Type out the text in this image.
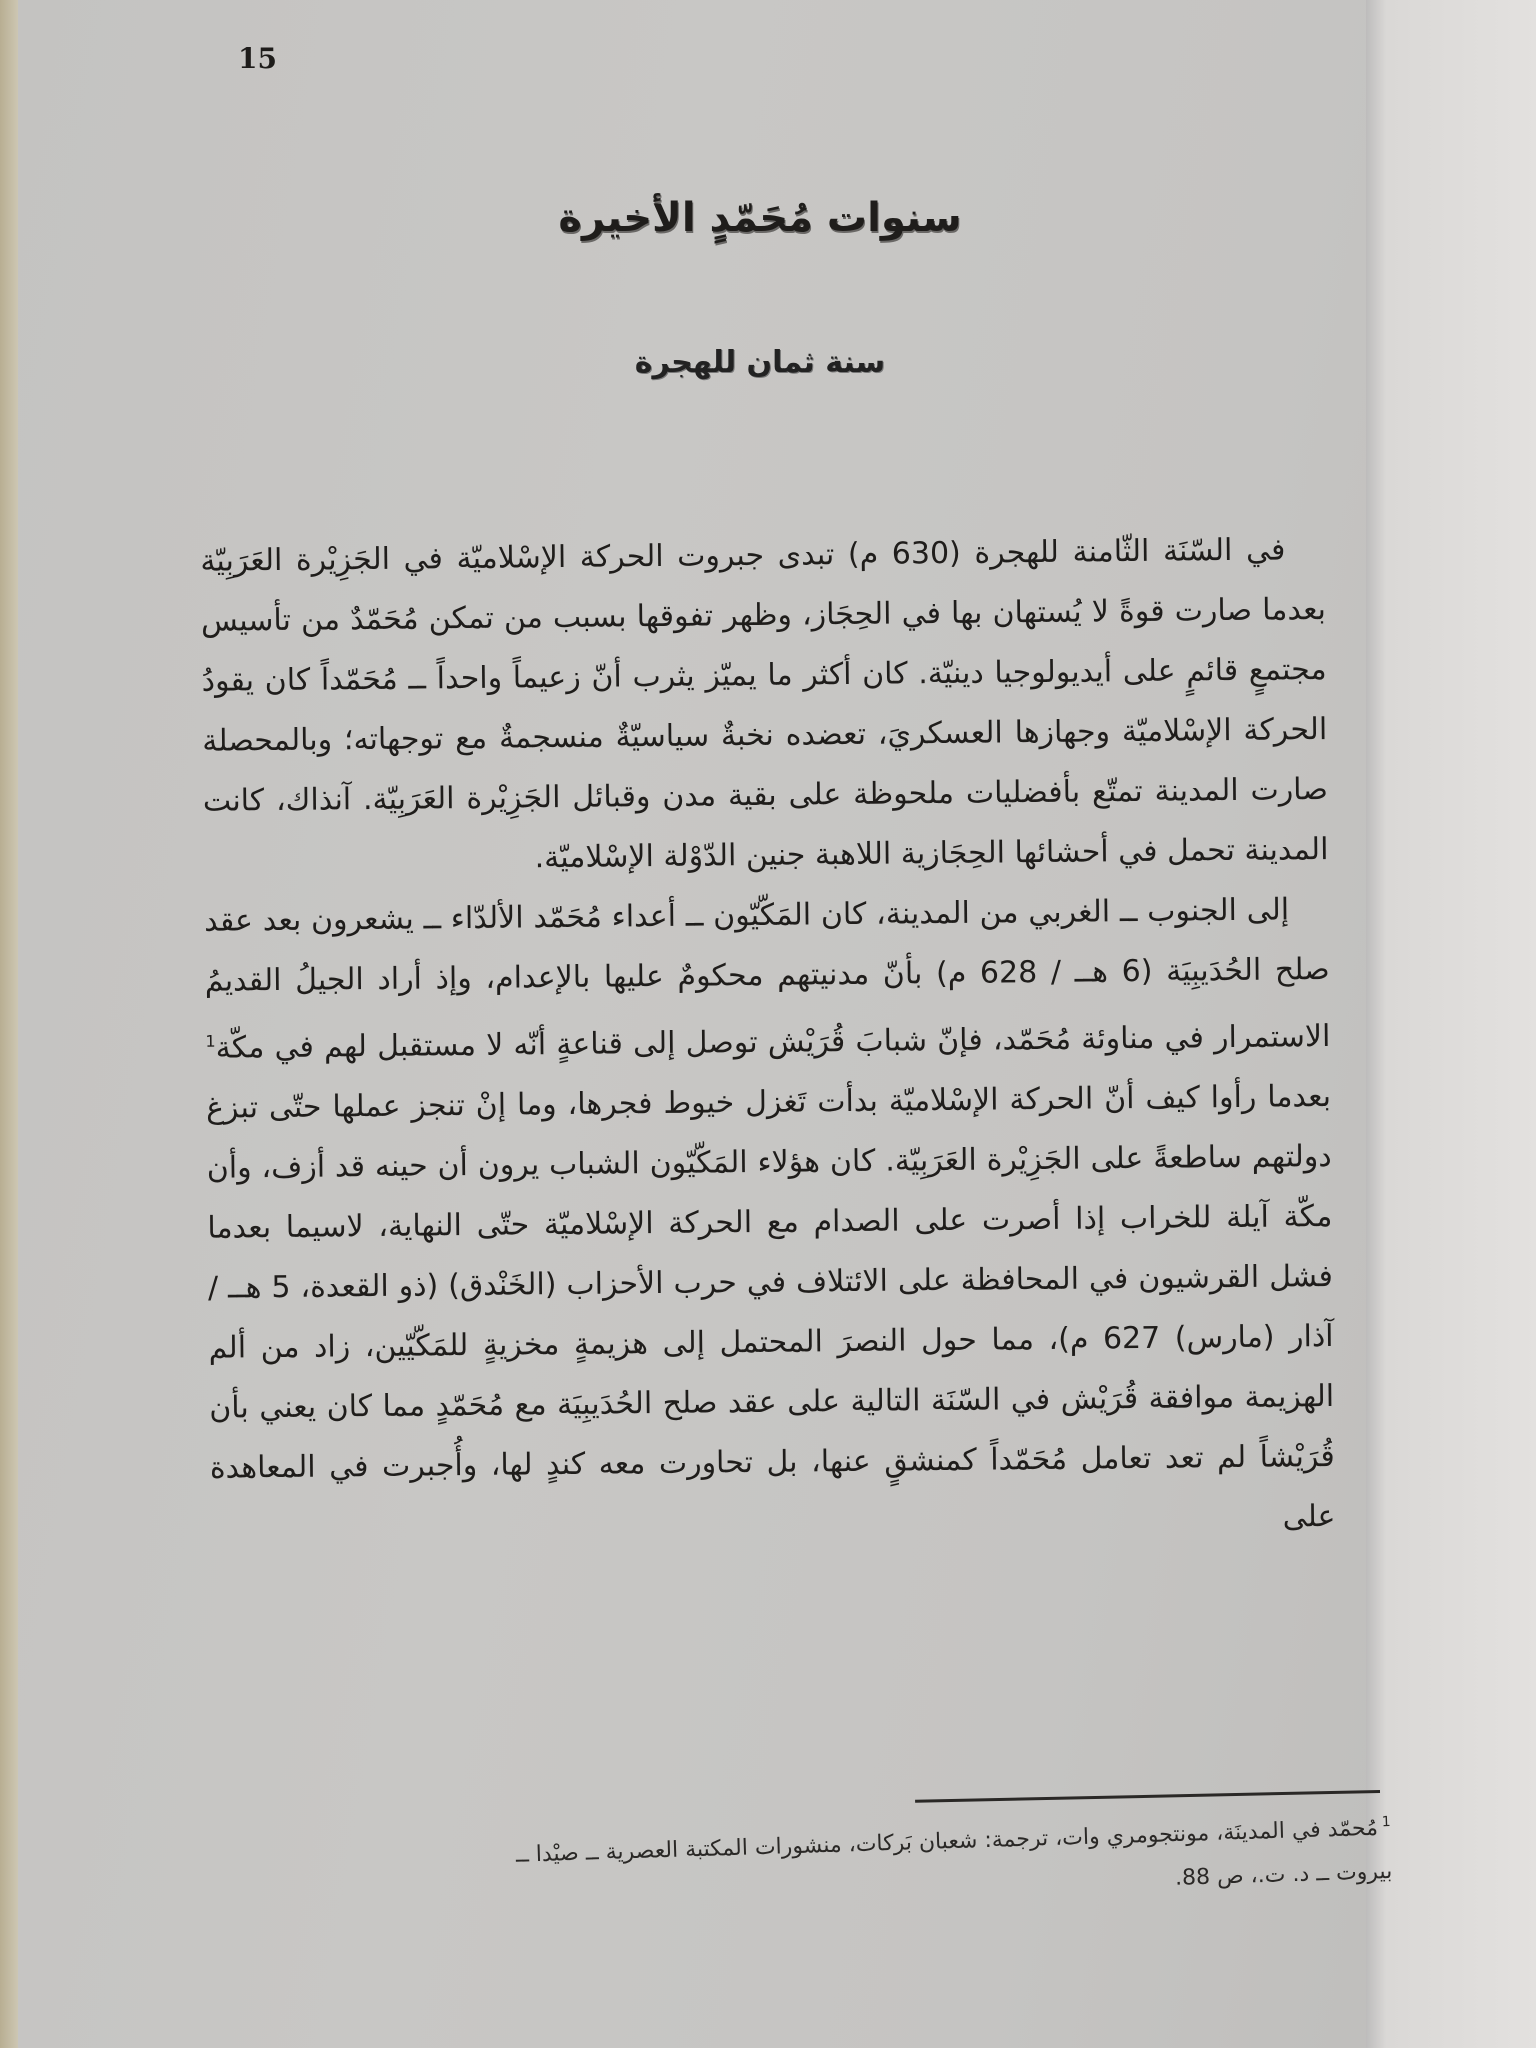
15
سنوات مُحَمّدٍ الأخيرة
سنة ثمان للهجرة

في السّنَة الثّامنة للهجرة (630 م) تبدى جبروت الحركة الإسْلاميّة في الجَزِيْرة العَرَبِيّة بعدما صارت قوةً لا يُستهان بها في الحِجَاز، وظهر تفوقها بسبب من تمكن مُحَمّدٌ من تأسيس مجتمعٍ قائمٍ على أيديولوجيا دينيّة. كان أكثر ما يميّز يثرب أنّ زعيماً واحداً ــ مُحَمّداً كان يقودُ الحركة الإسْلاميّة وجهازها العسكريَ، تعضده نخبةٌ سياسيّةٌ منسجمةٌ مع توجهاته؛ وبالمحصلة صارت المدينة تمتّع بأفضليات ملحوظة على بقية مدن وقبائل الجَزِيْرة العَرَبِيّة. آنذاك، كانت المدينة تحمل في أحشائها الحِجَازية اللاهبة جنين الدّوْلة الإسْلاميّة.

إلى الجنوب ــ الغربي من المدينة، كان المَكّيّون ــ أعداء مُحَمّد الألدّاء ــ يشعرون بعد عقد صلح الحُدَيبِيَة (6 هــ / 628 م) بأنّ مدنيتهم محكومٌ عليها بالإعدام، وإذ أراد الجيلُ القديمُ الاستمرار في مناوئة مُحَمّد، فإنّ شبابَ قُرَيْش توصل إلى قناعةٍ أنّه لا مستقبل لهم في مكّة$^1$ بعدما رأوا كيف أنّ الحركة الإسْلاميّة بدأت تَغزل خيوط فجرها، وما إنْ تنجز عملها حتّى تبزغ دولتهم ساطعةً على الجَزِيْرة العَرَبِيّة. كان هؤلاء المَكّيّون الشباب يرون أن حينه قد أزف، وأن مكّة آيلة للخراب إذا أصرت على الصدام مع الحركة الإسْلاميّة حتّى النهاية، لاسيما بعدما فشل القرشيون في المحافظة على الائتلاف في حرب الأحزاب (الخَنْدق) (ذو القعدة، 5 هــ / آذار (مارس) 627 م)، مما حول النصرَ المحتمل إلى هزيمةٍ مخزيةٍ للمَكّيّين، زاد من ألم الهزيمة موافقة قُرَيْش في السّنَة التالية على عقد صلح الحُدَيبِيَة مع مُحَمّدٍ مما كان يعني بأن قُرَيْشاً لم تعد تعامل مُحَمّداً كمنشقٍ عنها، بل تحاورت معه كندٍ لها، وأُجبرت في المعاهدة على

$^1$مُحمّد في المدينَة، مونتجومري وات، ترجمة: شعبان بَركات، منشورات المكتبة العصرية ــ صيْدا ــ
بيروت ــ د. ت.، ص 88.
